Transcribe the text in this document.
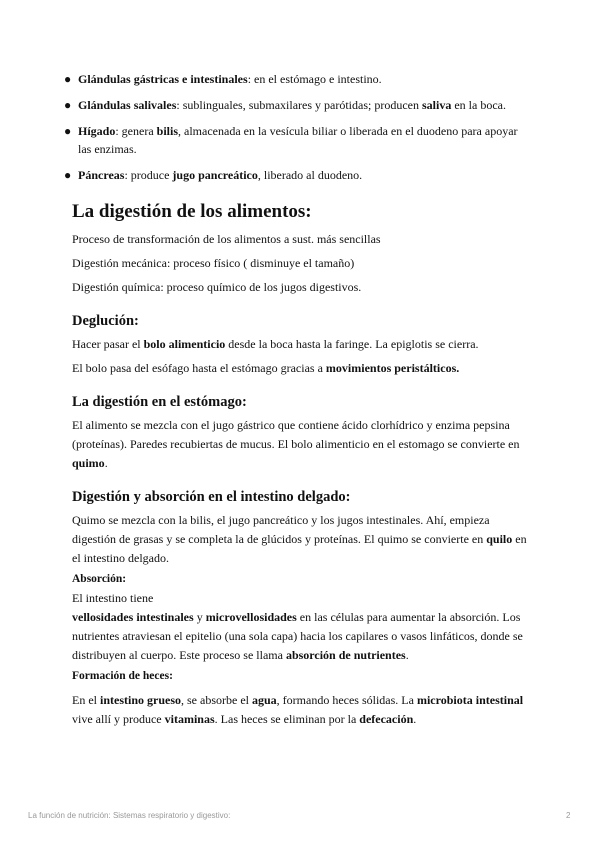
● Glándulas gástricas e intestinales: en el estómago e intestino.
● Glándulas salivales: sublinguales, submaxilares y parótidas; producen saliva en la boca.
● Hígado: genera bilis, almacenada en la vesícula biliar o liberada en el duodeno para apoyar las enzimas.
● Páncreas: produce jugo pancreático, liberado al duodeno.
La digestión de los alimentos:

Proceso de transformación de los alimentos a sust. más sencillas

Digestión mecánica: proceso físico ( disminuye el tamaño)

Digestión química: proceso químico de los jugos digestivos.

Deglución:

Hacer pasar el bolo alimenticio desde la boca hasta la faringe. La epiglotis se cierra.

El bolo pasa del esófago hasta el estómago gracias a movimientos peristálticos.

La digestión en el estómago:

El alimento se mezcla con el jugo gástrico que contiene ácido clorhídrico y enzima pepsina (proteínas). Paredes recubiertas de mucus. El bolo alimenticio en el estomago se convierte en quimo.

Digestión y absorción en el intestino delgado:

Quimo se mezcla con la bilis, el jugo pancreático y los jugos intestinales. Ahí, empieza digestión de grasas y se completa la de glúcidos y proteínas. El quimo se convierte en quilo en el intestino delgado.

Absorción:

El intestino tiene

vellosidades intestinales y microvellosidades en las células para aumentar la absorción. Los nutrientes atraviesan el epitelio (una sola capa) hacia los capilares o vasos linfáticos, donde se distribuyen al cuerpo. Este proceso se llama absorción de nutrientes.

Formación de heces:

En el intestino grueso, se absorbe el agua, formando heces sólidas. La microbiota intestinal vive allí y produce vitaminas. Las heces se eliminan por la defecación.

La función de nutrición: Sistemas respiratorio y digestivo:	2
